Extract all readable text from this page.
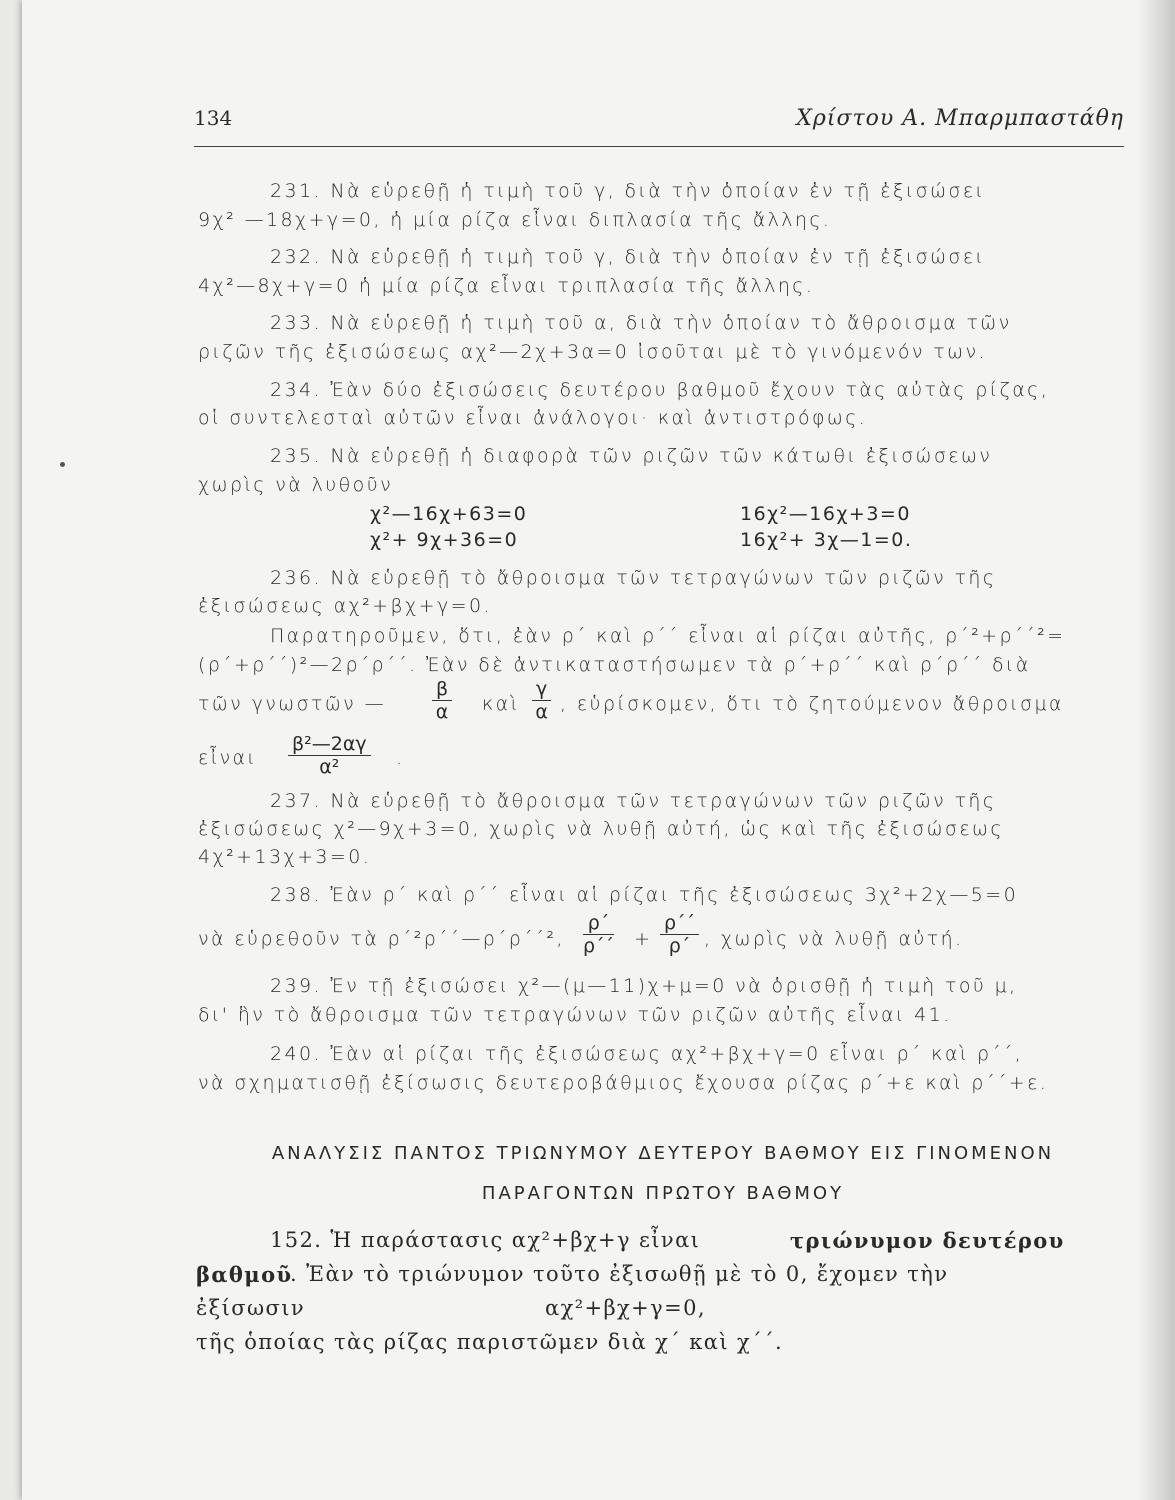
134	Χρίστου Α. Μπαρμπαστάθη
231. Νὰ εὑρεθῇ ἡ τιμὴ τοῦ γ, διὰ τὴν ὁποίαν ἐν τῇ ἐξισώσει
9χ² —18χ+γ=0, ἡ μία ρίζα εἶναι διπλασία τῆς ἄλλης.
232. Νὰ εὑρεθῇ ἡ τιμὴ τοῦ γ, διὰ τὴν ὁποίαν ἐν τῇ ἐξισώσει
4χ²—8χ+γ=0 ἡ μία ρίζα εἶναι τριπλασία τῆς ἄλλης.
233. Νὰ εὑρεθῇ ἡ τιμὴ τοῦ α, διὰ τὴν ὁποίαν τὸ ἄθροισμα τῶν
ριζῶν τῆς ἐξισώσεως αχ²—2χ+3α=0 ἰσοῦται μὲ τὸ γινόμενόν των.
234. Ἐὰν δύο ἐξισώσεις δευτέρου βαθμοῦ ἔχουν τὰς αὐτὰς ρίζας,
οἱ συντελεσταὶ αὐτῶν εἶναι ἀνάλογοι· καὶ ἀντιστρόφως.
235. Νὰ εὑρεθῇ ἡ διαφορὰ τῶν ριζῶν τῶν κάτωθι ἐξισώσεων
χωρὶς νὰ λυθοῦν
χ²—16χ+63=0	16χ²—16χ+3=0
χ²+ 9χ+36=0	16χ²+ 3χ—1=0.
236. Νὰ εὑρεθῇ τὸ ἄθροισμα τῶν τετραγώνων τῶν ριζῶν τῆς
ἐξισώσεως αχ²+βχ+γ=0.
Παρατηροῦμεν, ὅτι, ἐὰν ρ΄ καὶ ρ΄΄ εἶναι αἱ ρίζαι αὐτῆς, ρ΄²+ρ΄΄²=
(ρ΄+ρ΄΄)²—2ρ΄ρ΄΄. Ἐὰν δὲ ἀντικαταστήσωμεν τὰ ρ΄+ρ΄΄ καὶ ρ΄ρ΄΄ διὰ
τῶν γνωστῶν — $\frac{\beta}{\alpha}$ καὶ $\frac{\gamma}{\alpha}$ , εὑρίσκομεν, ὅτι τὸ ζητούμενον ἄθροισμα
εἶναι $\frac{\text{β²—2αγ}}{\text{α²}}$ .
237. Νὰ εὑρεθῇ τὸ ἄθροισμα τῶν τετραγώνων τῶν ριζῶν τῆς
ἐξισώσεως χ²—9χ+3=0, χωρὶς νὰ λυθῇ αὐτή, ὡς καὶ τῆς ἐξισώσεως
4χ²+13χ+3=0.
238. Ἐὰν ρ΄ καὶ ρ΄΄ εἶναι αἱ ρίζαι τῆς ἐξισώσεως 3χ²+2χ—5=0
νὰ εὑρεθοῦν τὰ ρ΄²ρ΄΄—ρ΄ρ΄΄², $\frac{\rho΄}{\rho΄΄} + \frac{\rho΄΄}{\rho΄}$ , χωρὶς νὰ λυθῇ αὐτή.
239. Ἐν τῇ ἐξισώσει χ²—(μ—11)χ+μ=0 νὰ ὁρισθῇ ἡ τιμὴ τοῦ μ,
δι' ἣν τὸ ἄθροισμα τῶν τετραγώνων τῶν ριζῶν αὐτῆς εἶναι 41.
240. Ἐὰν αἱ ρίζαι τῆς ἐξισώσεως αχ²+βχ+γ=0 εἶναι ρ΄ καὶ ρ΄΄,
νὰ σχηματισθῇ ἐξίσωσις δευτεροβάθμιος ἔχουσα ρίζας ρ΄+ε καὶ ρ΄΄+ε.
ΑΝΑΛΥΣΙΣ ΠΑΝΤΟΣ ΤΡΙΩΝΥΜΟΥ ΔΕΥΤΕΡΟΥ ΒΑΘΜΟΥ ΕΙΣ ΓΙΝΟΜΕΝΟΝ
ΠΑΡΑΓΟΝΤΩΝ ΠΡΩΤΟΥ ΒΑΘΜΟΥ
152. Ἡ παράστασις αχ²+βχ+γ εἶναι	τριώνυμον δευτέρου
βαθμοῦ
. Ἐὰν τὸ τριώνυμον τοῦτο ἐξισωθῇ μὲ τὸ 0, ἔχομεν τὴν
ἐξίσωσιν	αχ²+βχ+γ=0,
τῆς ὁποίας τὰς ρίζας παριστῶμεν διὰ χ΄ καὶ χ΄΄.
